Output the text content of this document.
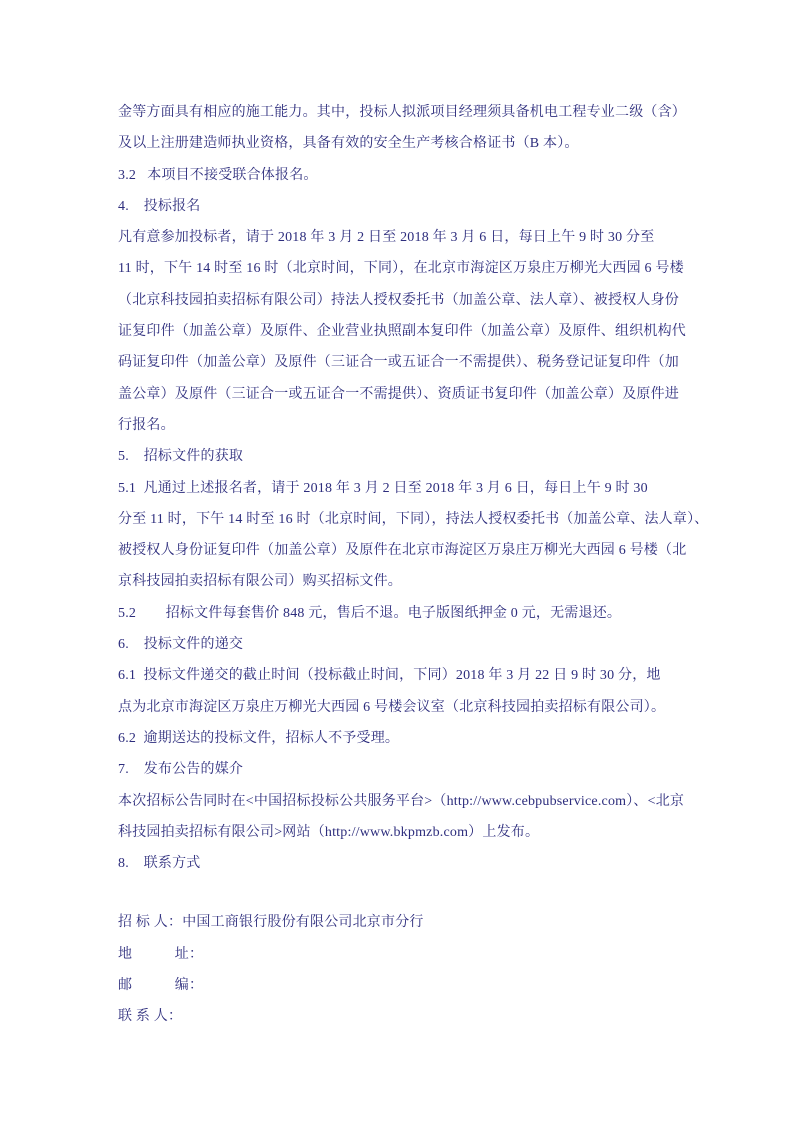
金等方面具有相应的施工能力。其中，投标人拟派项目经理须具备机电工程专业二级（含）
及以上注册建造师执业资格，具备有效的安全生产考核合格证书（B 本）。
3.2   本项目不接受联合体报名。
4.    投标报名
凡有意参加投标者，请于 2018 年 3 月 2 日至 2018 年 3 月 6 日，每日上午 9 时 30 分至
11 时，下午 14 时至 16 时（北京时间，下同），在北京市海淀区万泉庄万柳光大西园 6 号楼
（北京科技园拍卖招标有限公司）持法人授权委托书（加盖公章、法人章）、被授权人身份
证复印件（加盖公章）及原件、企业营业执照副本复印件（加盖公章）及原件、组织机构代
码证复印件（加盖公章）及原件（三证合一或五证合一不需提供）、税务登记证复印件（加
盖公章）及原件（三证合一或五证合一不需提供）、资质证书复印件（加盖公章）及原件进
行报名。
5.    招标文件的获取
5.1  凡通过上述报名者，请于 2018 年 3 月 2 日至 2018 年 3 月 6 日，每日上午 9 时 30
分至 11 时，下午 14 时至 16 时（北京时间，下同），持法人授权委托书（加盖公章、法人章）、
被授权人身份证复印件（加盖公章）及原件在北京市海淀区万泉庄万柳光大西园 6 号楼（北
京科技园拍卖招标有限公司）购买招标文件。
5.2        招标文件每套售价 848 元，售后不退。电子版图纸押金 0 元，无需退还。
6.    投标文件的递交
6.1  投标文件递交的截止时间（投标截止时间，下同）2018 年 3 月 22 日 9 时 30 分，地
点为北京市海淀区万泉庄万柳光大西园 6 号楼会议室（北京科技园拍卖招标有限公司）。
6.2  逾期送达的投标文件，招标人不予受理。
7.    发布公告的媒介
本次招标公告同时在<中国招标投标公共服务平台>（http://www.cebpubservice.com）、<北京
科技园拍卖招标有限公司>网站（http://www.bkpmzb.com）上发布。
8.    联系方式
招 标 人：中国工商银行股份有限公司北京市分行
地　　　址：
邮　　　编：
联 系 人：
